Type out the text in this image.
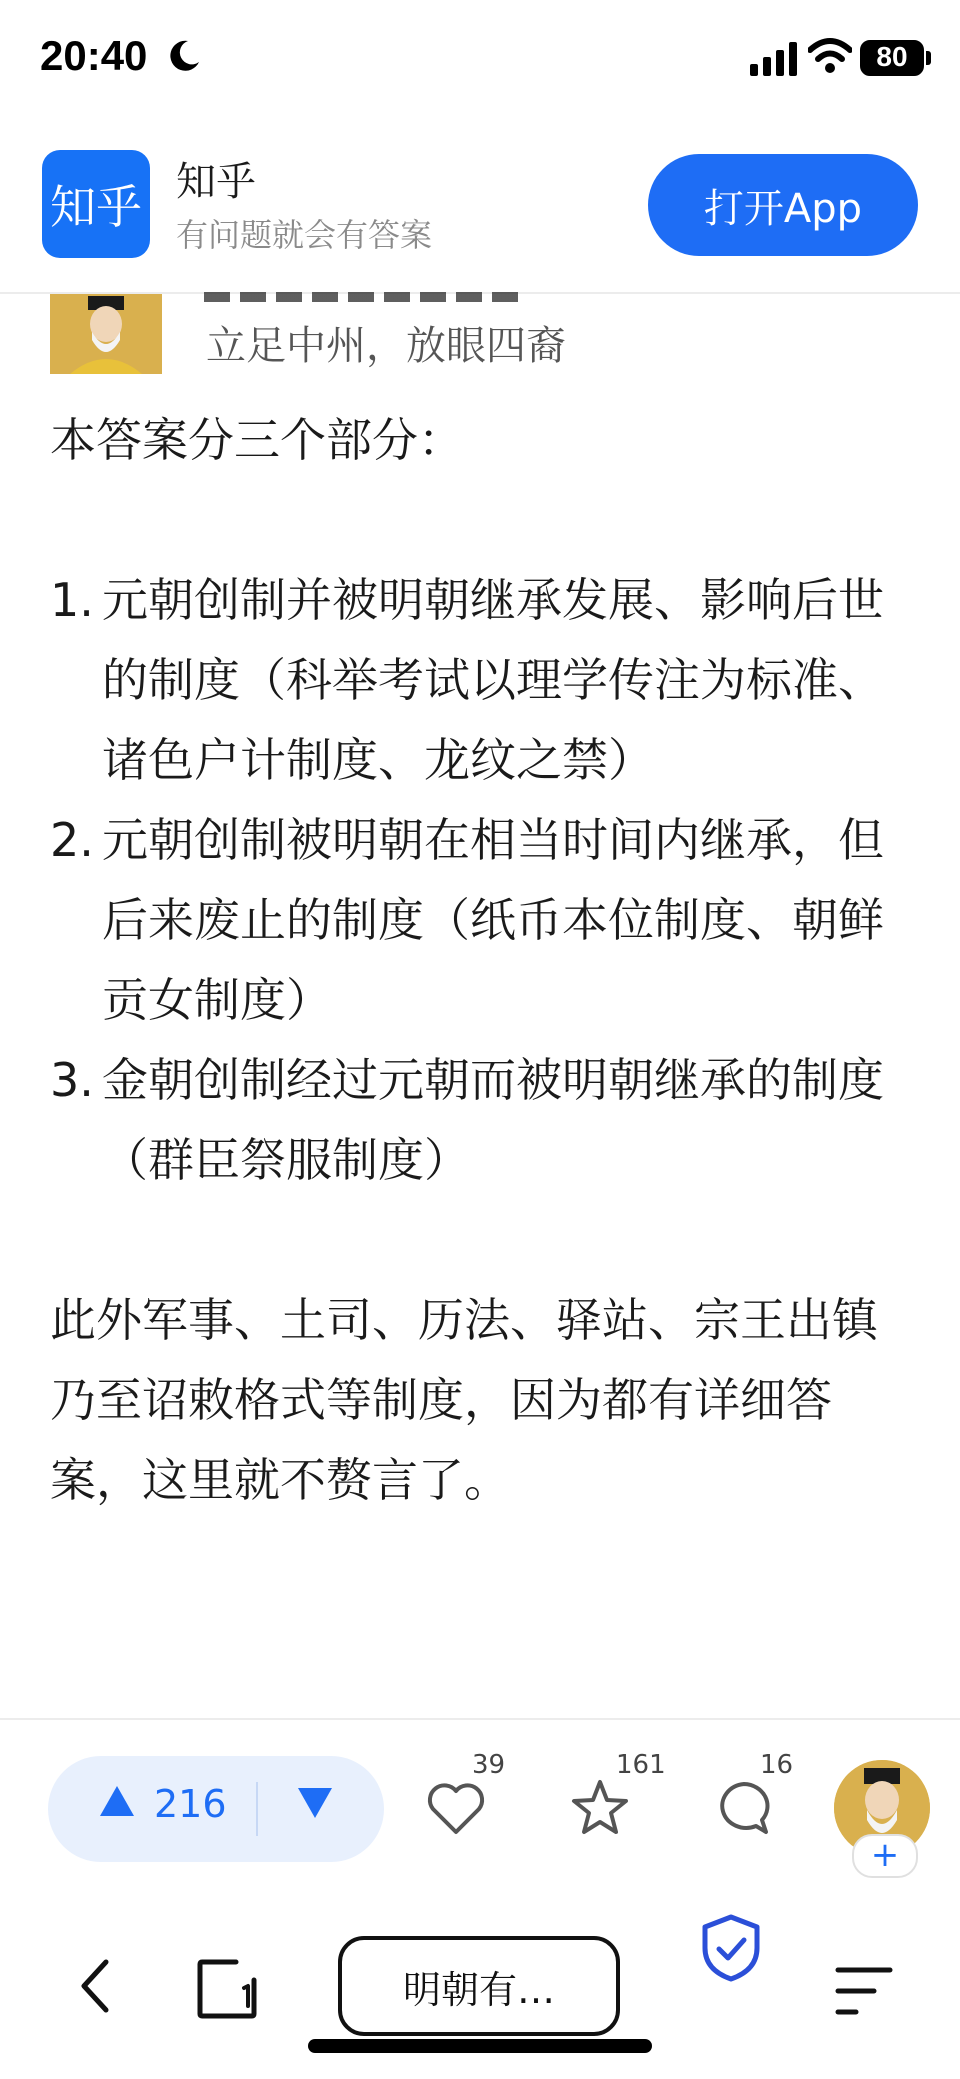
20:40	80
知乎 知乎
有问题就会有答案
打开App
立足中州，放眼四裔

本答案分三个部分：

1. 元朝创制并被明朝继承发展、影响后世的制度（科举考试以理学传注为标准、诸色户计制度、龙纹之禁）
2. 元朝创制被明朝在相当时间内继承，但后来废止的制度（纸币本位制度、朝鲜贡女制度）
3. 金朝创制经过元朝而被明朝继承的制度（群臣祭服制度）

此外军事、土司、历法、驿站、宗王出镇乃至诏敕格式等制度，因为都有详细答案，这里就不赘言了。

216
39	161	16
+
明朝有…
